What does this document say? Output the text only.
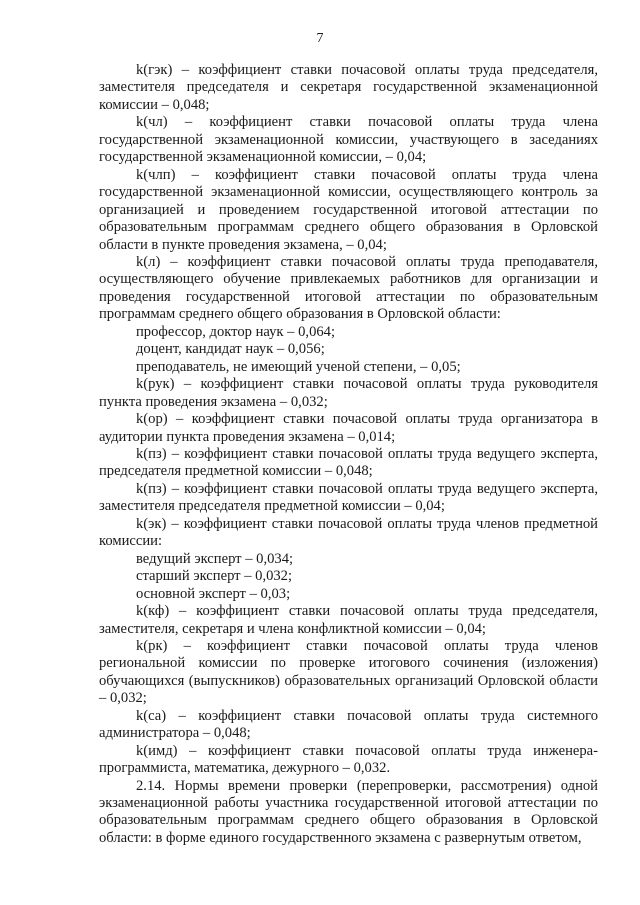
7

k(гэк) – коэффициент ставки почасовой оплаты труда председателя, заместителя председателя и секретаря государственной экзаменационной комиссии – 0,048;

k(чл) – коэффициент ставки почасовой оплаты труда члена государственной экзаменационной комиссии, участвующего в заседаниях государственной экзаменационной комиссии, – 0,04;

k(члп) – коэффициент ставки почасовой оплаты труда члена государственной экзаменационной комиссии, осуществляющего контроль за организацией и проведением государственной итоговой аттестации по образовательным программам среднего общего образования в Орловской области в пункте проведения экзамена, – 0,04;

k(л) – коэффициент ставки почасовой оплаты труда преподавателя, осуществляющего обучение привлекаемых работников для организации и проведения государственной итоговой аттестации по образовательным программам среднего общего образования в Орловской области:

профессор, доктор наук – 0,064;

доцент, кандидат наук – 0,056;

преподаватель, не имеющий ученой степени, – 0,05;

k(рук) – коэффициент ставки почасовой оплаты труда руководителя пункта проведения экзамена – 0,032;

k(ор) – коэффициент ставки почасовой оплаты труда организатора в аудитории пункта проведения экзамена – 0,014;

k(пз) – коэффициент ставки почасовой оплаты труда ведущего эксперта, председателя предметной комиссии – 0,048;

k(пз) – коэффициент ставки почасовой оплаты труда ведущего эксперта, заместителя председателя предметной комиссии – 0,04;

k(эк) – коэффициент ставки почасовой оплаты труда членов предметной комиссии:

ведущий эксперт – 0,034;

старший эксперт – 0,032;

основной эксперт – 0,03;

k(кф) – коэффициент ставки почасовой оплаты труда председателя, заместителя, секретаря и члена конфликтной комиссии – 0,04;

k(рк) – коэффициент ставки почасовой оплаты труда членов региональной комиссии по проверке итогового сочинения (изложения) обучающихся (выпускников) образовательных организаций Орловской области – 0,032;

k(са) – коэффициент ставки почасовой оплаты труда системного администратора – 0,048;

k(имд) – коэффициент ставки почасовой оплаты труда инженера-программиста, математика, дежурного – 0,032.

2.14. Нормы времени проверки (перепроверки, рассмотрения) одной экзаменационной работы участника государственной итоговой аттестации по образовательным программам среднего общего образования в Орловской области: в форме единого государственного экзамена с развернутым ответом,
